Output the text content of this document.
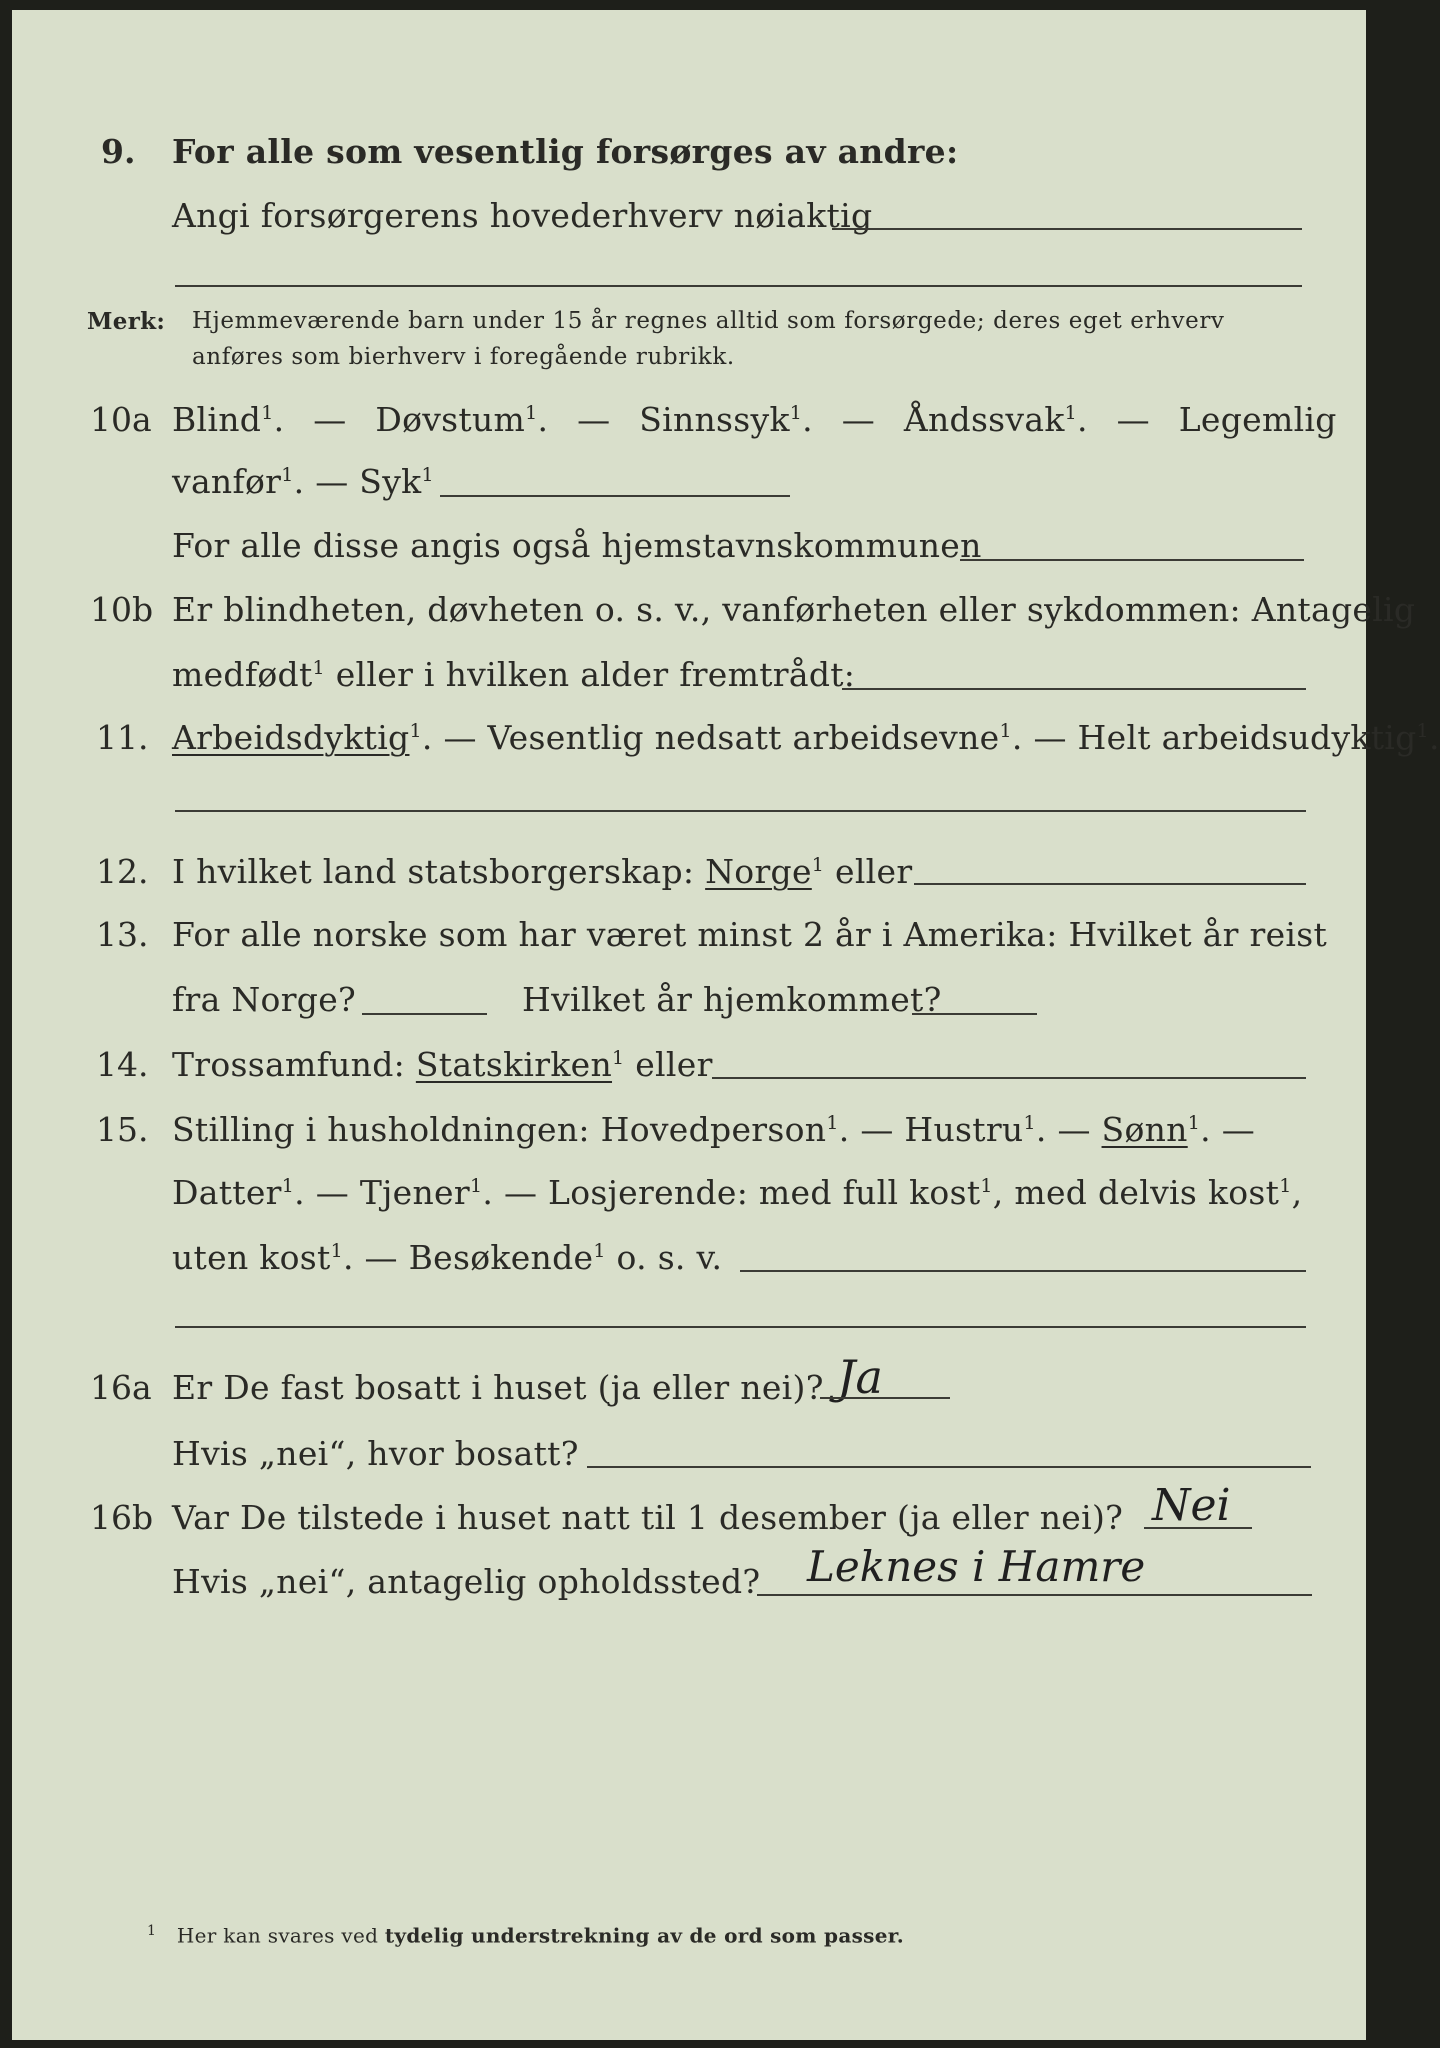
9. For alle som vesentlig forsørges av andre:
Angi forsørgerens hovederhverv nøiaktig
Merk: Hjemmeværende barn under 15 år regnes alltid som forsørgede; deres eget erhverv
anføres som bierhverv i foregående rubrikk.
10a Blind$^1$. — Døvstum$^1$. — Sinnssyk$^1$. — Åndssvak$^1$. — Legemlig
vanfør$^1$. — Syk$^1$
For alle disse angis også hjemstavnskommunen
10b Er blindheten, døvheten o. s. v., vanførheten eller sykdommen: Antagelig
medfødt$^1$ eller i hvilken alder fremtrådt:
11. Arbeidsdyktig$^1$. — Vesentlig nedsatt arbeidsevne$^1$. — Helt arbeidsudyktig$^1$.
12. I hvilket land statsborgerskap: Norge$^1$ eller
13. For alle norske som har været minst 2 år i Amerika: Hvilket år reist
fra Norge?	Hvilket år hjemkommet?
14. Trossamfund: Statskirken$^1$ eller
15. Stilling i husholdningen: Hovedperson$^1$. — Hustru$^1$. — Sønn$^1$. —
Datter$^1$. — Tjener$^1$. — Losjerende: med full kost$^1$, med delvis kost$^1$,
uten kost$^1$. — Besøkende$^1$ o. s. v.
16a Er De fast bosatt i huset (ja eller nei)? Ja
Hvis „nei“, hvor bosatt?
16b Var De tilstede i huset natt til 1 desember (ja eller nei)? Nei
Hvis „nei“, antagelig opholdssted? Leknes i Hamre
$^1$ Her kan svares ved tydelig understrekning av de ord som passer.
